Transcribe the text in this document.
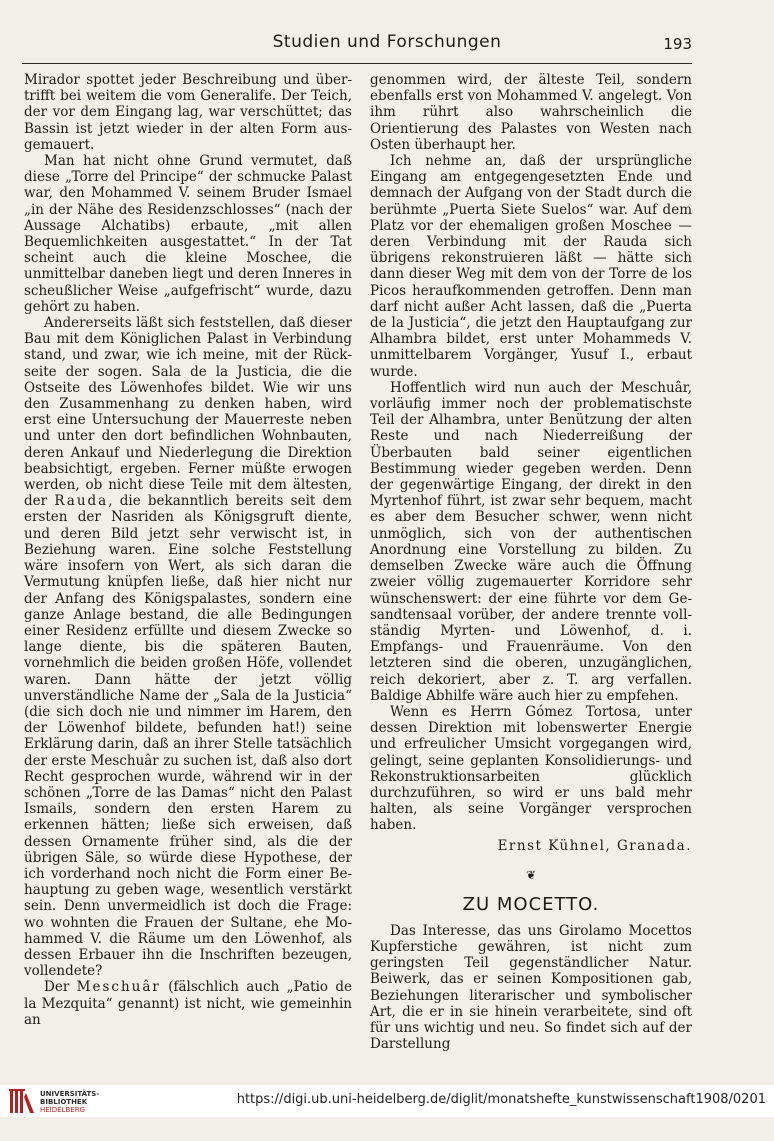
Studien und Forschungen	193

Mirador spottet jeder Beschreibung und übertrifft bei weitem die vom Generalife. Der Teich, der vor dem Eingang lag, war verschüttet; das Bassin ist jetzt wieder in der alten Form ausgemauert.

Man hat nicht ohne Grund vermutet, daß diese „Torre del Principe“ der schmucke Palast war, den Mohammed V. seinem Bruder Ismael „in der Nähe des Residenzschlosses“ (nach der Aussage Alchatibs) erbaute, „mit allen Bequemlichkeiten ausgestattet.“ In der Tat scheint auch die kleine Moschee, die unmittelbar daneben liegt und deren Inneres in scheußlicher Weise „aufgefrischt“ wurde, dazu gehört zu haben.

Andererseits läßt sich feststellen, daß dieser Bau mit dem Königlichen Palast in Verbindung stand, und zwar, wie ich meine, mit der Rückseite der sogen. Sala de la Justicia, die die Ostseite des Löwenhofes bildet. Wie wir uns den Zusammenhang zu denken haben, wird erst eine Untersuchung der Mauerreste neben und unter den dort befindlichen Wohnbauten, deren Ankauf und Niederlegung die Direktion beabsichtigt, ergeben. Ferner müßte erwogen werden, ob nicht diese Teile mit dem ältesten, der Rauda, die bekanntlich bereits seit dem ersten der Nasriden als Königsgruft diente, und deren Bild jetzt sehr verwischt ist, in Beziehung waren. Eine solche Feststellung wäre insofern von Wert, als sich daran die Vermutung knüpfen ließe, daß hier nicht nur der Anfang des Königspalastes, sondern eine ganze Anlage bestand, die alle Bedingungen einer Residenz erfüllte und diesem Zwecke so lange diente, bis die späteren Bauten, vornehmlich die beiden großen Höfe, vollendet waren. Dann hätte der jetzt völlig unverständliche Name der „Sala de la Justicia“ (die sich doch nie und nimmer im Harem, den der Löwenhof bildete, befunden hat!) seine Erklärung darin, daß an ihrer Stelle tatsächlich der erste Meschuâr zu suchen ist, daß also dort Recht gesprochen wurde, während wir in der schönen „Torre de las Damas“ nicht den Palast Ismails, sondern den ersten Harem zu erkennen hätten; ließe sich erweisen, daß dessen Ornamente früher sind, als die der übrigen Säle, so würde diese Hypothese, der ich vorderhand noch nicht die Form einer Behauptung zu geben wage, wesentlich verstärkt sein. Denn unvermeidlich ist doch die Frage: wo wohnten die Frauen der Sultane, ehe Mohammed V. die Räume um den Löwenhof, als dessen Erbauer ihn die Inschriften bezeugen, vollendete?

Der Meschuâr (fälschlich auch „Patio de la Mezquita“ genannt) ist nicht, wie gemeinhin an

genommen wird, der älteste Teil, sondern ebenfalls erst von Mohammed V. angelegt. Von ihm rührt also wahrscheinlich die Orientierung des Palastes von Westen nach Osten überhaupt her.

Ich nehme an, daß der ursprüngliche Eingang am entgegengesetzten Ende und demnach der Aufgang von der Stadt durch die berühmte „Puerta Siete Suelos“ war. Auf dem Platz vor der ehemaligen großen Moschee — deren Verbindung mit der Rauda sich übrigens rekonstruieren läßt — hätte sich dann dieser Weg mit dem von der Torre de los Picos heraufkommenden getroffen. Denn man darf nicht außer Acht lassen, daß die „Puerta de la Justicia“, die jetzt den Hauptaufgang zur Alhambra bildet, erst unter Mohammeds V. unmittelbarem Vorgänger, Yusuf I., erbaut wurde.

Hoffentlich wird nun auch der Meschuâr, vorläufig immer noch der problematischste Teil der Alhambra, unter Benützung der alten Reste und nach Niederreißung der Überbauten bald seiner eigentlichen Bestimmung wieder gegeben werden. Denn der gegenwärtige Eingang, der direkt in den Myrtenhof führt, ist zwar sehr bequem, macht es aber dem Besucher schwer, wenn nicht unmöglich, sich von der authentischen Anordnung eine Vorstellung zu bilden. Zu demselben Zwecke wäre auch die Öffnung zweier völlig zugemauerter Korridore sehr wünschenswert: der eine führte vor dem Gesandtensaal vorüber, der andere trennte vollständig Myrten- und Löwenhof, d. i. Empfangs- und Frauenräume. Von den letzteren sind die oberen, unzugänglichen, reich dekoriert, aber z. T. arg verfallen. Baldige Abhilfe wäre auch hier zu empfehen.

Wenn es Herrn Gómez Tortosa, unter dessen Direktion mit lobenswerter Energie und erfreulicher Umsicht vorgegangen wird, gelingt, seine geplanten Konsolidierungs- und Rekonstruktionsarbeiten glücklich durchzuführen, so wird er uns bald mehr halten, als seine Vorgänger versprochen haben.

Ernst Kühnel, Granada.
❦
ZU MOCETTO.

Das Interesse, das uns Girolamo Mocettos Kupferstiche gewähren, ist nicht zum geringsten Teil gegenständlicher Natur. Beiwerk, das er seinen Kompositionen gab, Beziehungen literarischer und symbolischer Art, die er in sie hinein verarbeitete, sind oft für uns wichtig und neu. So findet sich auf der Darstellung

UNIVERSITÄTS-
BIBLIOTHEK
HEIDELBERG
https://digi.ub.uni-heidelberg.de/diglit/monatshefte_kunstwissenschaft1908/0201
